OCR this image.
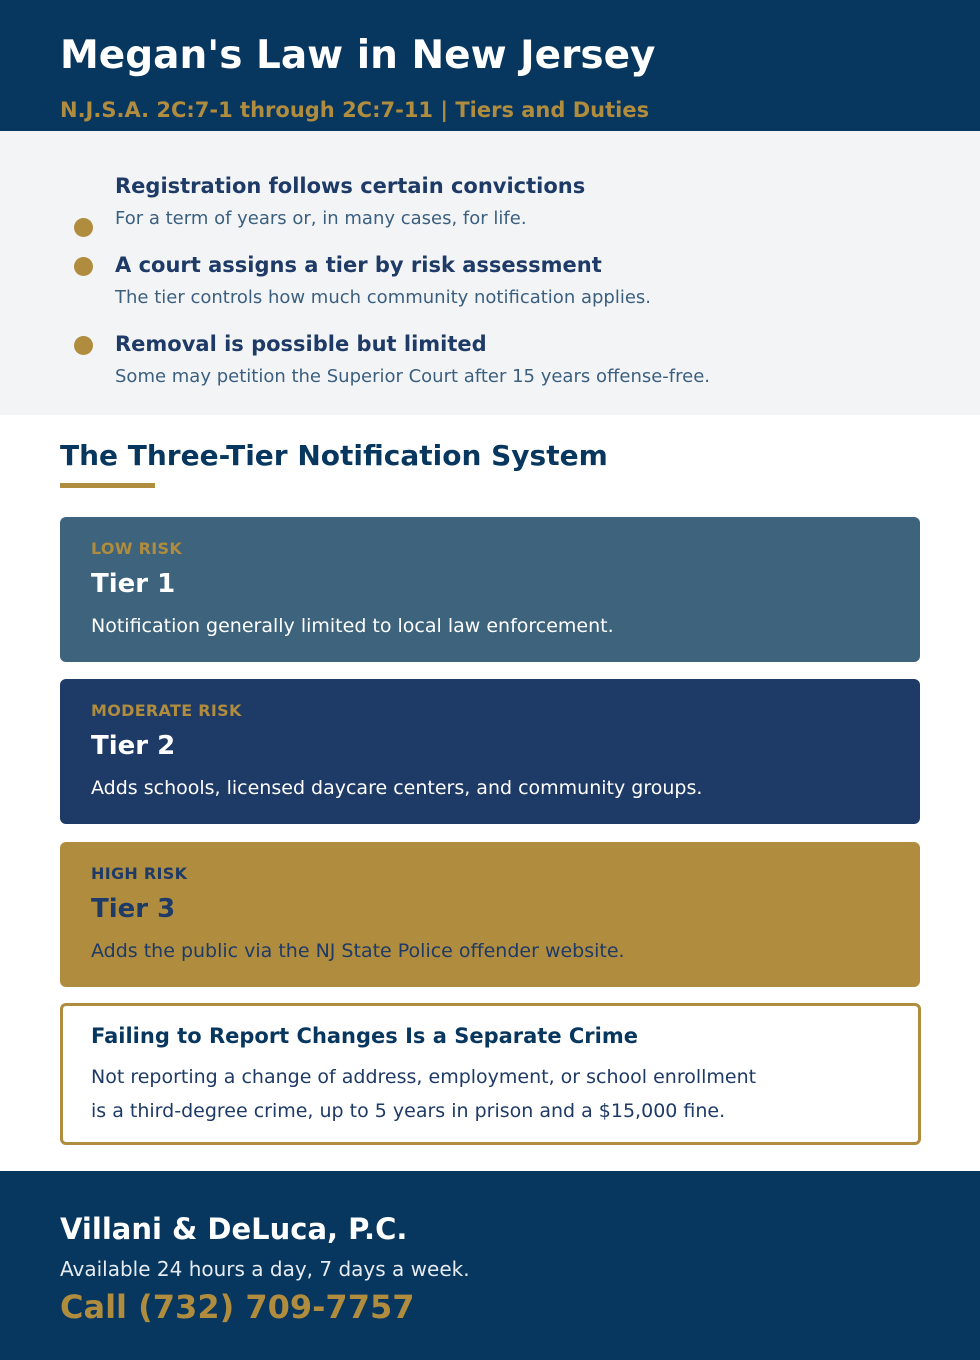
Megan's Law in New Jersey
N.J.S.A. 2C:7-1 through 2C:7-11 | Tiers and Duties
Registration follows certain convictions
For a term of years or, in many cases, for life.
A court assigns a tier by risk assessment
The tier controls how much community notification applies.
Removal is possible but limited
Some may petition the Superior Court after 15 years offense-free.
The Three-Tier Notification System
LOW RISK
Tier 1
Notification generally limited to local law enforcement.
MODERATE RISK
Tier 2
Adds schools, licensed daycare centers, and community groups.
HIGH RISK
Tier 3
Adds the public via the NJ State Police offender website.
Failing to Report Changes Is a Separate Crime
Not reporting a change of address, employment, or school enrollment
is a third-degree crime, up to 5 years in prison and a $15,000 fine.
Villani & DeLuca, P.C.
Available 24 hours a day, 7 days a week.
Call (732) 709-7757
